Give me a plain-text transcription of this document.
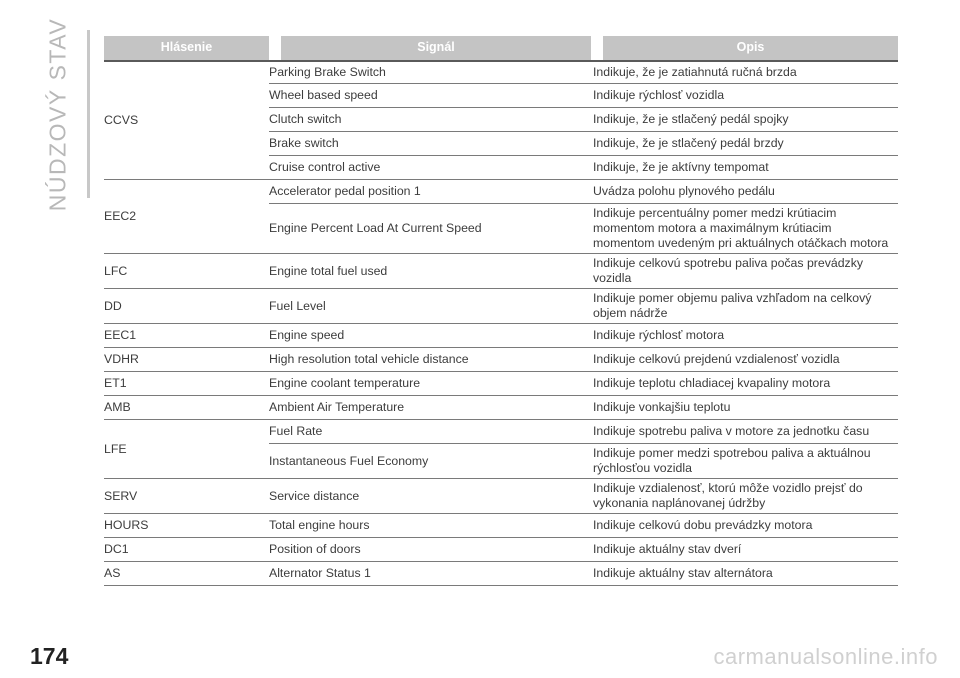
NÚDZOVÝ STAV	Hlásenie	Signál	Opis
CCVS	Parking Brake Switch	Indikuje, že je zatiahnutá ručná brzda
	Wheel based speed	Indikuje rýchlosť vozidla
	Clutch switch	Indikuje, že je stlačený pedál spojky
	Brake switch	Indikuje, že je stlačený pedál brzdy
	Cruise control active	Indikuje, že je aktívny tempomat
EEC2	Accelerator pedal position 1	Uvádza polohu plynového pedálu
	Engine Percent Load At Current Speed	Indikuje percentuálny pomer medzi krútiacim momentom motora a maximálnym krútiacim momentom uvedeným pri aktuálnych otáčkach motora
LFC	Engine total fuel used	Indikuje celkovú spotrebu paliva počas prevádzky vozidla
DD	Fuel Level	Indikuje pomer objemu paliva vzhľadom na celkový objem nádrže
EEC1	Engine speed	Indikuje rýchlosť motora
VDHR	High resolution total vehicle distance	Indikuje celkovú prejdenú vzdialenosť vozidla
ET1	Engine coolant temperature	Indikuje teplotu chladiacej kvapaliny motora
AMB	Ambient Air Temperature	Indikuje vonkajšiu teplotu
LFE	Fuel Rate	Indikuje spotrebu paliva v motore za jednotku času
	Instantaneous Fuel Economy	Indikuje pomer medzi spotrebou paliva a aktuálnou rýchlosťou vozidla
SERV	Service distance	Indikuje vzdialenosť, ktorú môže vozidlo prejsť do vykonania naplánovanej údržby
HOURS	Total engine hours	Indikuje celkovú dobu prevádzky motora
DC1	Position of doors	Indikuje aktuálny stav dverí
AS	Alternator Status 1	Indikuje aktuálny stav alternátora
174	carmanualsonline.info
